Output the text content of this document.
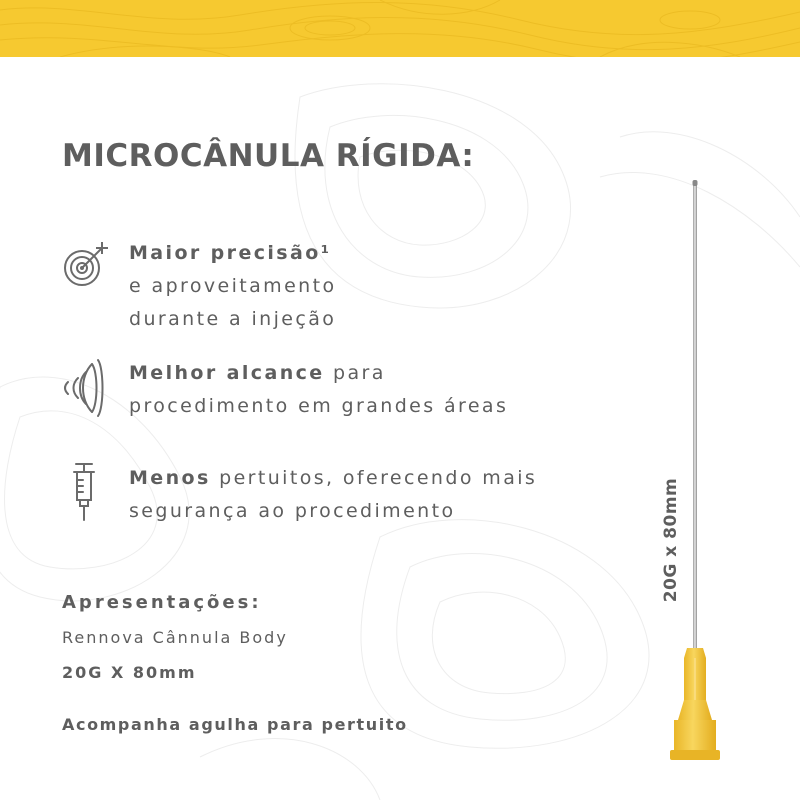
MICROCÂNULA RÍGIDA:
Maior precisão¹
e aproveitamento
durante a injeção
Melhor alcance para
procedimento em grandes áreas
Menos pertuitos, oferecendo mais
segurança ao procedimento
Apresentações:
Rennova Cânnula Body
20G X 80mm
Acompanha agulha para pertuito
20G x 80mm
